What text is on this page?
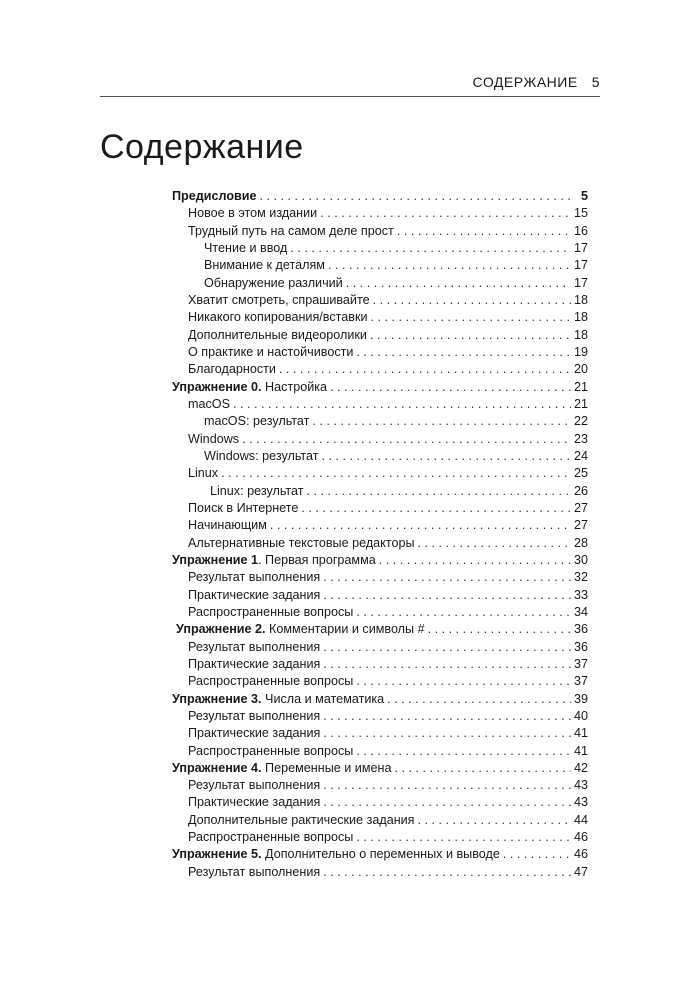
СОДЕРЖАНИЕ 5
Содержание
Предисловие . . .	5
Новое в этом издании . . .	15
Трудный путь на самом деле прост . . .	16
Чтение и ввод . . .	17
Внимание к деталям . . .	17
Обнаружение различий . . .	17
Хватит смотреть, спрашивайте . . .	18
Никакого копирования/вставки . . .	18
Дополнительные видеоролики . . .	18
О практике и настойчивости . . .	19
Благодарности . . .	20
Упражнение 0. Настройка . . .	21
macOS . . .	21
macOS: результат . . .	22
Windows . . .	23
Windows: результат . . .	24
Linux . . .	25
Linux: результат . . .	26
Поиск в Интернете . . .	27
Начинающим . . .	27
Альтернативные текстовые редакторы . . .	28
Упражнение 1. Первая программа . . .	30
Результат выполнения . . .	32
Практические задания . . .	33
Распространенные вопросы . . .	34
Упражнение 2. Комментарии и символы # . . .	36
Результат выполнения . . .	36
Практические задания . . .	37
Распространенные вопросы . . .	37
Упражнение 3. Числа и математика . . .	39
Результат выполнения . . .	40
Практические задания . . .	41
Распространенные вопросы . . .	41
Упражнение 4. Переменные и имена . . .	42
Результат выполнения . . .	43
Практические задания . . .	43
Дополнительные рактические задания . . .	44
Распространенные вопросы . . .	46
Упражнение 5. Дополнительно о переменных и выводе . . .	46
Результат выполнения . . .	47
